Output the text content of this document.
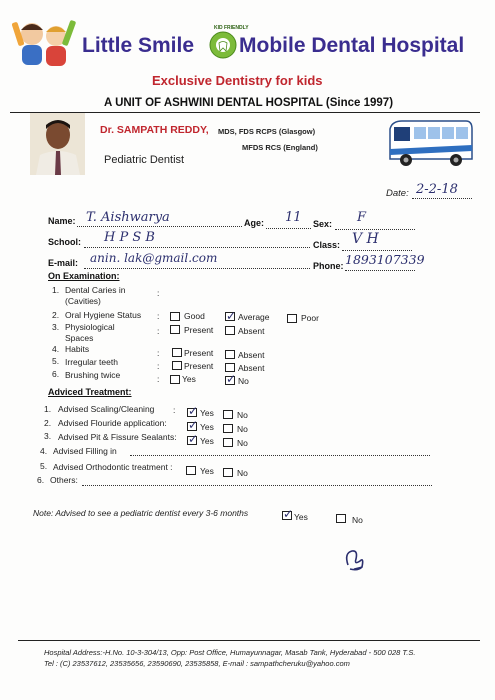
Little Smile
KID FRIENDLY
Mobile Dental Hospital
Exclusive Dentistry for kids
A UNIT OF ASHWINI DENTAL HOSPITAL (Since 1997)
Dr. SAMPATH REDDY, MDS, FDS RCPS (Glasgow)
MFDS RCS (England)
Pediatric Dentist
Date: 2-2-18
Name: T. Aishwarya	Age: 11 Sex: F
School: H P S B	Class: V H
E-mail: anin. lak@gmail.com
Phone: 1893107339
On Examination:
1. Dental Caries in
(Cavities)
:
2. Oral Hygiene Status :	Good ✓ Average	Poor
3. Physiological
Spaces
:	Present	Absent
4. Habits	:	Present	Absent
5. Irregular teeth	:	Present	Absent
6. Brushing twice	:	Yes	✓ No
Adviced Treatment:
1. Advised Scaling/Cleaning : ✓ Yes	No
2. Advised Flouride application: ✓ Yes	No
3. Advised Pit & Fissure Sealants: ✓ Yes	No
4. Advised Filling in
5. Advised Orthodontic treatment :	Yes	No
6. Others:
Note: Advised to see a pediatric dentist every 3-6 months	✓ Yes	No
Hospital Address:-H.No. 10-3-304/13, Opp: Post Office, Humayunnagar, Masab Tank, Hyderabad - 500 028 T.S.
Tel : (C) 23537612, 23535656, 23590690, 23535858, E-mail : sampathcheruku@yahoo.com
